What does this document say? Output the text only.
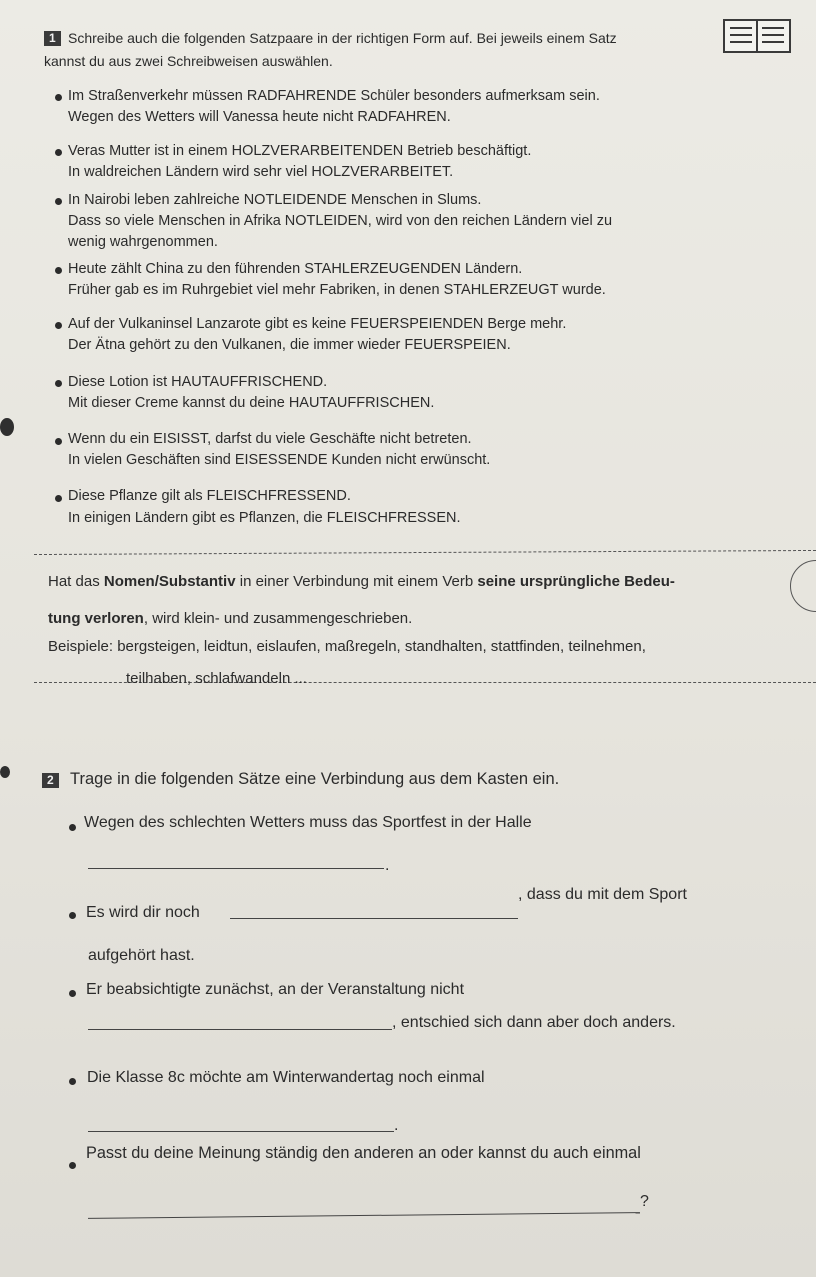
1 Schreibe auch die folgenden Satzpaare in der richtigen Form auf. Bei jeweils einem Satz
kannst du aus zwei Schreibweisen auswählen.
Im Straßenverkehr müssen RADFAHRENDE Schüler besonders aufmerksam sein.
Wegen des Wetters will Vanessa heute nicht RADFAHREN.
Veras Mutter ist in einem HOLZVERARBEITENDEN Betrieb beschäftigt.
In waldreichen Ländern wird sehr viel HOLZVERARBEITET.
In Nairobi leben zahlreiche NOTLEIDENDE Menschen in Slums.
Dass so viele Menschen in Afrika NOTLEIDEN, wird von den reichen Ländern viel zu
wenig wahrgenommen.
Heute zählt China zu den führenden STAHLERZEUGENDEN Ländern.
Früher gab es im Ruhrgebiet viel mehr Fabriken, in denen STAHLERZEUGT wurde.
Auf der Vulkaninsel Lanzarote gibt es keine FEUERSPEIENDEN Berge mehr.
Der Ätna gehört zu den Vulkanen, die immer wieder FEUERSPEIEN.
Diese Lotion ist HAUTAUFFRISCHEND.
Mit dieser Creme kannst du deine HAUTAUFFRISCHEN.
Wenn du ein EISISST, darfst du viele Geschäfte nicht betreten.
In vielen Geschäften sind EISESSENDE Kunden nicht erwünscht.
Diese Pflanze gilt als FLEISCHFRESSEND.
In einigen Ländern gibt es Pflanzen, die FLEISCHFRESSEN.
Hat das Nomen/Substantiv in einer Verbindung mit einem Verb seine ursprüngliche Bedeu-
tung verloren, wird klein- und zusammengeschrieben.
Beispiele: bergsteigen, leidtun, eislaufen, maßregeln, standhalten, stattfinden, teilnehmen,
teilhaben, schlafwandeln ...
2 Trage in die folgenden Sätze eine Verbindung aus dem Kasten ein.
Wegen des schlechten Wetters muss das Sportfest in der Halle
.
Es wird dir noch
, dass du mit dem Sport
aufgehört hast.
Er beabsichtigte zunächst, an der Veranstaltung nicht
, entschied sich dann aber doch anders.
Die Klasse 8c möchte am Winterwandertag noch einmal
.
Passt du deine Meinung ständig den anderen an oder kannst du auch einmal
?
